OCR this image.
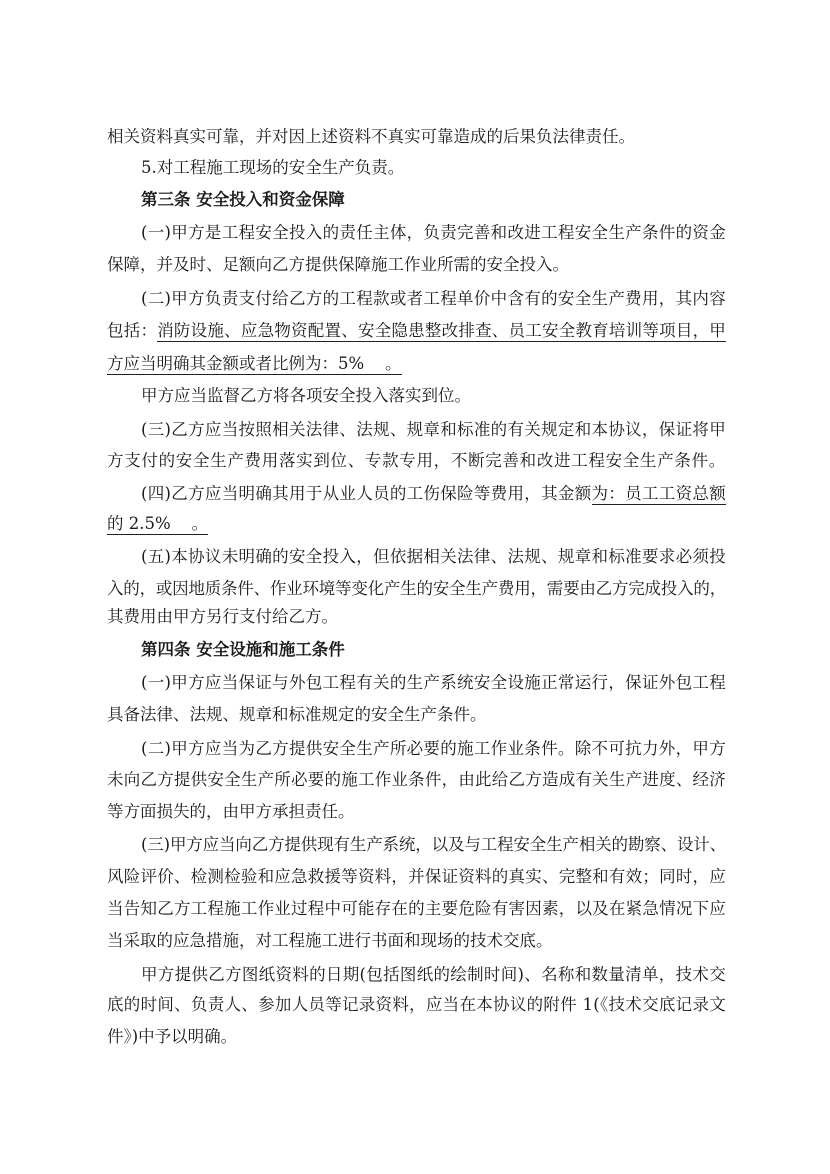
相关资料真实可靠，并对因上述资料不真实可靠造成的后果负法律责任。
5.对工程施工现场的安全生产负责。
第三条 安全投入和资金保障
(一)甲方是工程安全投入的责任主体，负责完善和改进工程安全生产条件的资金
保障，并及时、足额向乙方提供保障施工作业所需的安全投入。
(二)甲方负责支付给乙方的工程款或者工程单价中含有的安全生产费用，其内容
包括：消防设施、应急物资配置、安全隐患整改排查、员工安全教育培训等项目，甲
方应当明确其金额或者比例为：5%    。
甲方应当监督乙方将各项安全投入落实到位。
(三)乙方应当按照相关法律、法规、规章和标准的有关规定和本协议，保证将甲
方支付的安全生产费用落实到位、专款专用，不断完善和改进工程安全生产条件。
(四)乙方应当明确其用于从业人员的工伤保险等费用，其金额为：员工工资总额
的 2.5%    。
(五)本协议未明确的安全投入，但依据相关法律、法规、规章和标准要求必须投
入的，或因地质条件、作业环境等变化产生的安全生产费用，需要由乙方完成投入的，
其费用由甲方另行支付给乙方。
第四条 安全设施和施工条件
(一)甲方应当保证与外包工程有关的生产系统安全设施正常运行，保证外包工程
具备法律、法规、规章和标准规定的安全生产条件。
(二)甲方应当为乙方提供安全生产所必要的施工作业条件。除不可抗力外，甲方
未向乙方提供安全生产所必要的施工作业条件，由此给乙方造成有关生产进度、经济
等方面损失的，由甲方承担责任。
(三)甲方应当向乙方提供现有生产系统，以及与工程安全生产相关的勘察、设计、
风险评价、检测检验和应急救援等资料，并保证资料的真实、完整和有效；同时，应
当告知乙方工程施工作业过程中可能存在的主要危险有害因素，以及在紧急情况下应
当采取的应急措施，对工程施工进行书面和现场的技术交底。
甲方提供乙方图纸资料的日期(包括图纸的绘制时间)、名称和数量清单，技术交
底的时间、负责人、参加人员等记录资料，应当在本协议的附件 1(《技术交底记录文
件》)中予以明确。
